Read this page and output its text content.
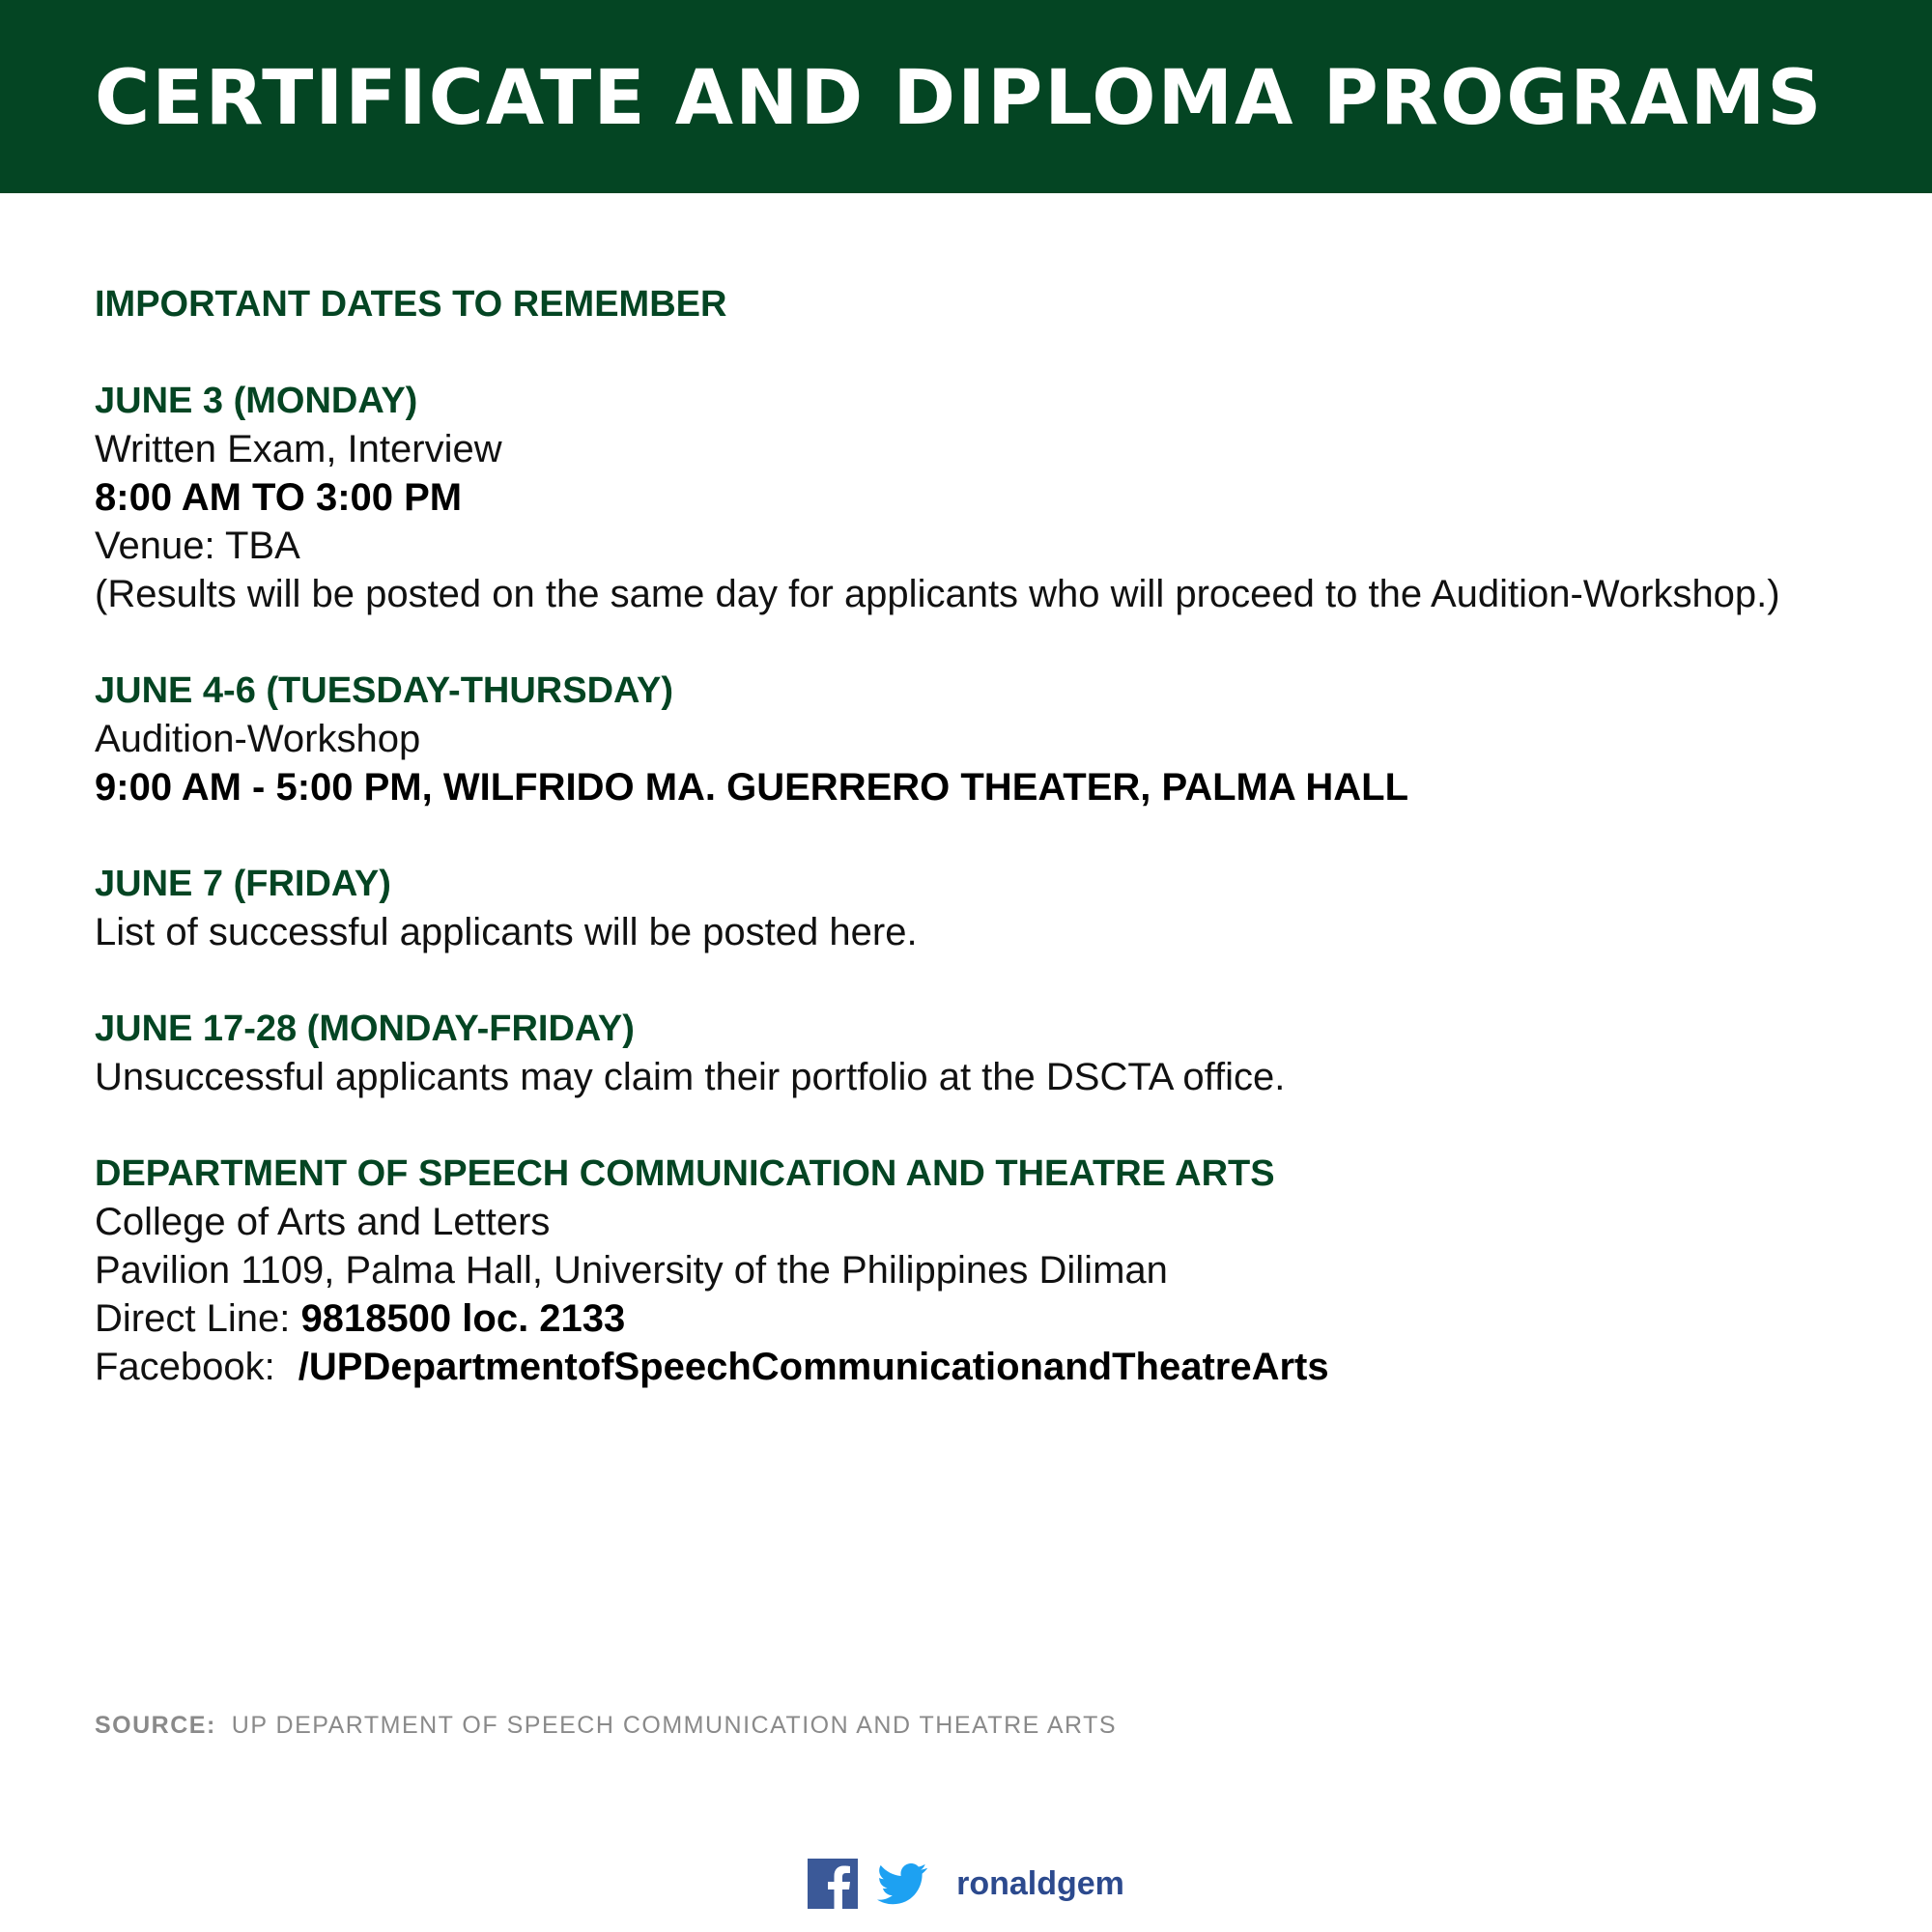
CERTIFICATE AND DIPLOMA PROGRAMS

IMPORTANT DATES TO REMEMBER

JUNE 3 (MONDAY)

Written Exam, Interview
8:00 AM TO 3:00 PM
Venue: TBA
(Results will be posted on the same day for applicants who will proceed to the Audition-Workshop.)

JUNE 4-6 (TUESDAY-THURSDAY)

Audition-Workshop
9:00 AM - 5:00 PM, WILFRIDO MA. GUERRERO THEATER, PALMA HALL

JUNE 7 (FRIDAY)

List of successful applicants will be posted here.

JUNE 17-28 (MONDAY-FRIDAY)

Unsuccessful applicants may claim their portfolio at the DSCTA office.

DEPARTMENT OF SPEECH COMMUNICATION AND THEATRE ARTS

College of Arts and Letters
Pavilion 1109, Palma Hall, University of the Philippines Diliman
Direct Line: 9818500 loc. 2133
Facebook: /UPDepartmentofSpeechCommunicationandTheatreArts
SOURCE: UP DEPARTMENT OF SPEECH COMMUNICATION AND THEATRE ARTS
ronaldgem
